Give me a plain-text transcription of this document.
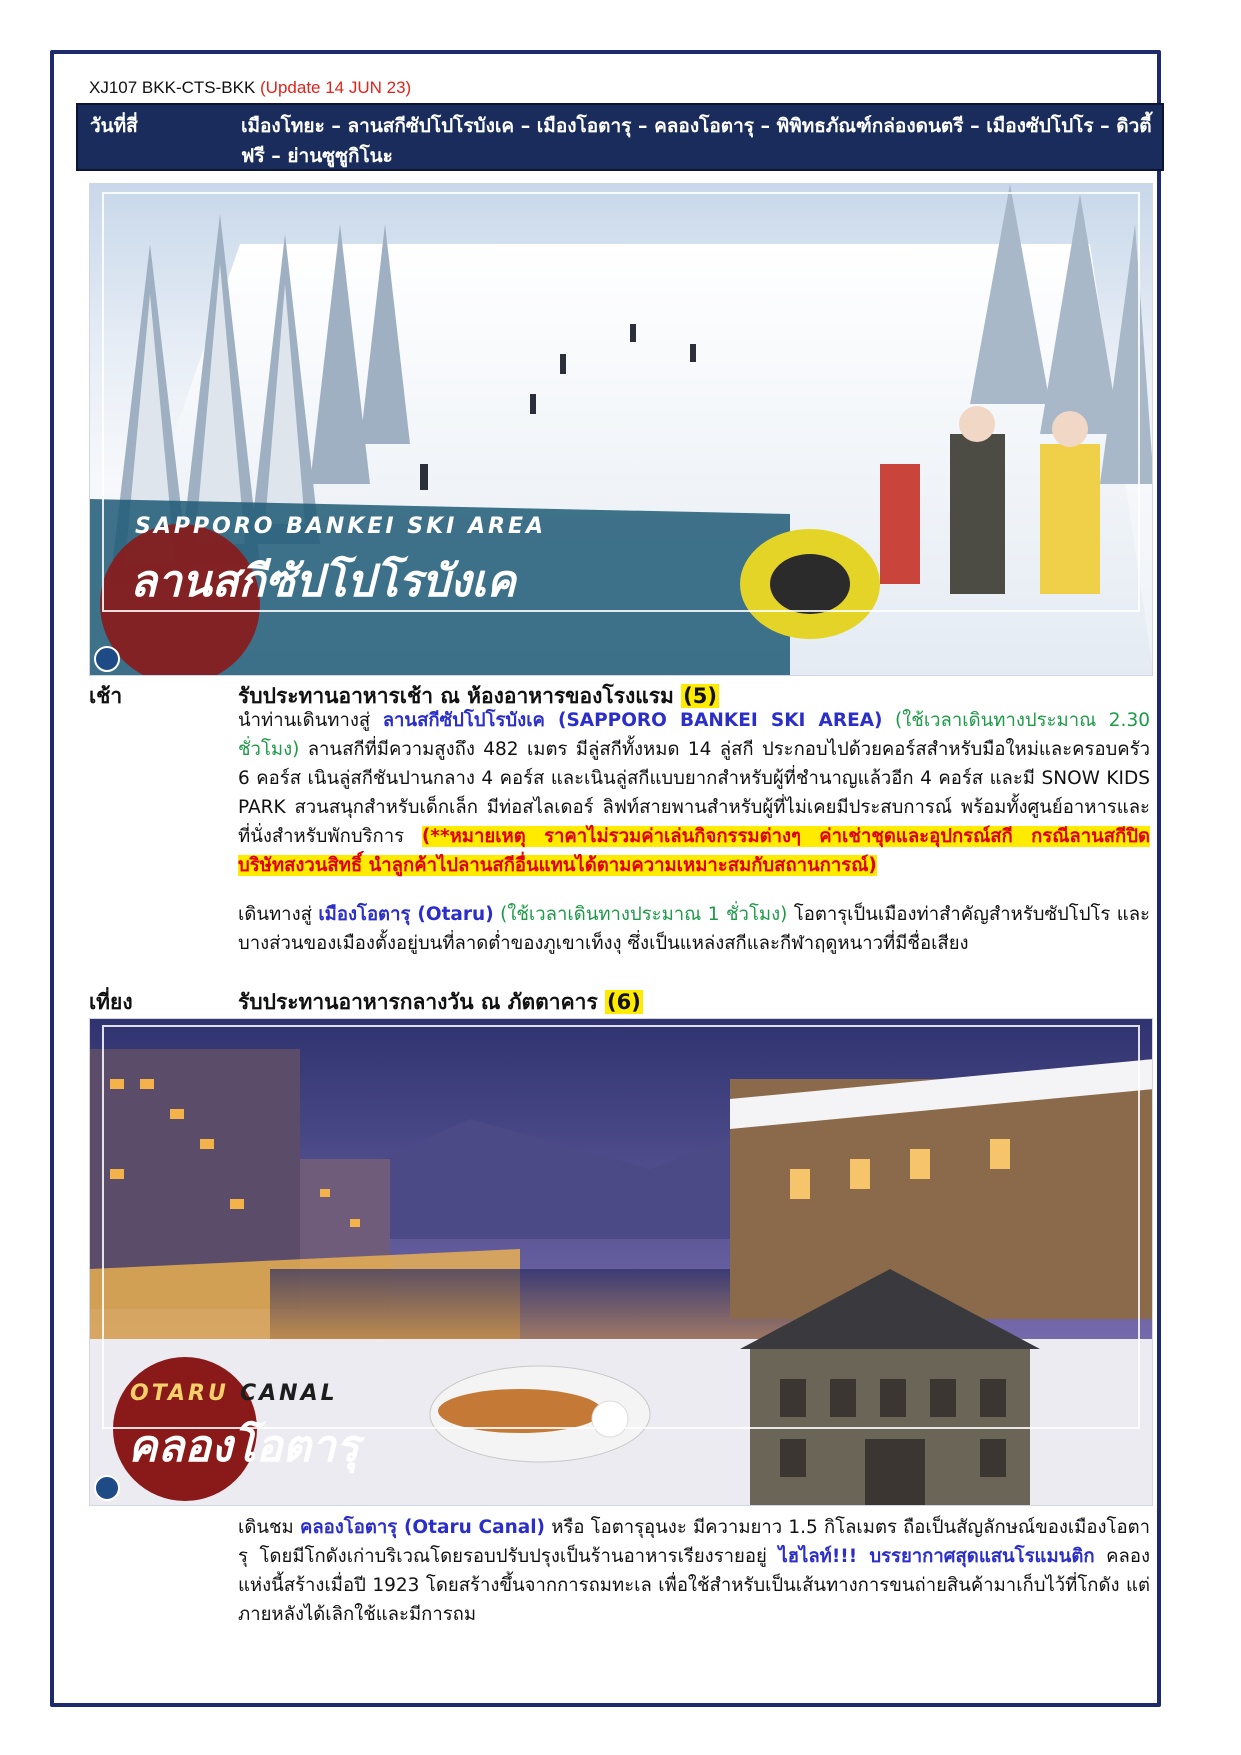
XJ107 BKK-CTS-BKK (Update 14 JUN 23)
วันที่สี่	เมืองโทยะ – ลานสกีซัปโปโรบังเค – เมืองโอตารุ – คลองโอตารุ – พิพิทธภัณฑ์กล่องดนตรี – เมืองซัปโปโร – ดิวตี้ฟรี – ย่านซูซูกิโนะ
SAPPORO BANKEI SKI AREA
ลานสกีซัปโปโรบังเค
เช้า	รับประทานอาหารเช้า ณ ห้องอาหารของโรงแรม (5)
นำท่านเดินทางสู่ ลานสกีซัปโปโรบังเค (SAPPORO BANKEI SKI AREA) (ใช้เวลาเดินทางประมาณ 2.30 ชั่วโมง) ลานสกีที่มีความสูงถึง 482 เมตร มีลู่สกีทั้งหมด 14 ลู่สกี ประกอบไปด้วยคอร์สสำหรับมือใหม่และครอบครัว 6 คอร์ส เนินลู่สกีชันปานกลาง 4 คอร์ส และเนินลู่สกีแบบยากสำหรับผู้ที่ชำนาญแล้วอีก 4 คอร์ส และมี SNOW KIDS PARK สวนสนุกสำหรับเด็กเล็ก มีท่อสไลเดอร์ ลิฟท์สายพานสำหรับผู้ที่ไม่เคยมีประสบการณ์ พร้อมทั้งศูนย์อาหารและที่นั่งสำหรับพักบริการ (**หมายเหตุ ราคาไม่รวมค่าเล่นกิจกรรมต่างๆ ค่าเช่าชุดและอุปกรณ์สกี กรณีลานสกีปิด บริษัทสงวนสิทธิ์ นำลูกค้าไปลานสกีอื่นแทนได้ตามความเหมาะสมกับสถานการณ์)
เดินทางสู่ เมืองโอตารุ (Otaru) (ใช้เวลาเดินทางประมาณ 1 ชั่วโมง) โอตารุเป็นเมืองท่าสำคัญสำหรับซัปโปโร และบางส่วนของเมืองตั้งอยู่บนที่ลาดต่ำของภูเขาเท็งงุ ซึ่งเป็นแหล่งสกีและกีฬาฤดูหนาวที่มีชื่อเสียง
เที่ยง	รับประทานอาหารกลางวัน ณ ภัตตาคาร (6)
OTARU CANAL
คลองโอตารุ
เดินชม คลองโอตารุ (Otaru Canal) หรือ โอตารุอุนงะ มีความยาว 1.5 กิโลเมตร ถือเป็นสัญลักษณ์ของเมืองโอตารุ โดยมีโกดังเก่าบริเวณโดยรอบปรับปรุงเป็นร้านอาหารเรียงรายอยู่ ไฮไลท์!!! บรรยากาศสุดแสนโรแมนติก คลองแห่งนี้สร้างเมื่อปี 1923 โดยสร้างขึ้นจากการถมทะเล เพื่อใช้สำหรับเป็นเส้นทางการขนถ่ายสินค้ามาเก็บไว้ที่โกดัง แต่ภายหลังได้เลิกใช้และมีการถม
